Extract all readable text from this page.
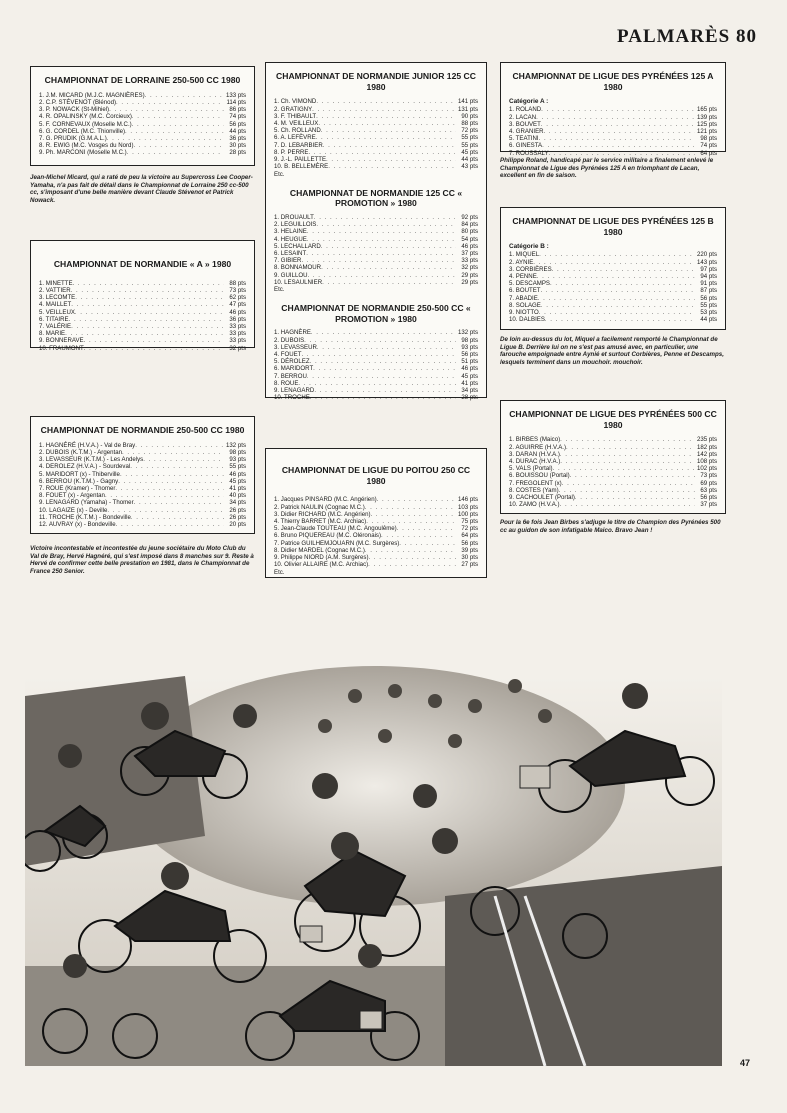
PALMARÈS 80
CHAMPIONNAT DE LORRAINE 250-500 CC 1980
1. J.M. MICARD (M.J.C. MAGNIÈRES) . . .	133 pts
2. C.P. STÉVENOT (Blénod) . . .	114 pts
3. P. NOWACK (St-Mihiel) . . .	86 pts
4. R. OPALINSKY (M.C. Corcieux) . . .	74 pts
5. F. CORNEVAUX (Moselle M.C.) . . .	56 pts
6. G. CORDEL (M.C. Thionville) . . .	44 pts
7. G. PRUDIK (G.M.A.L.) . . .	36 pts
8. R. EWIG (M.C. Vosges du Nord) . . .	30 pts
9. Ph. MARCONI (Moselle M.C.) . . .	28 pts
Jean-Michel Micard, qui a raté de peu la victoire au Supercross Lee Cooper-Yamaha, n'a pas fait de détail dans le Championnat de Lorraine 250 cc-500 cc, s'imposant d'une belle manière devant Claude Stévenot et Patrick Nowack.
CHAMPIONNAT DE NORMANDIE « A » 1980
1. MINETTE . . .	88 pts
2. VATTIER . . .	73 pts
3. LECOMTE . . .	62 pts
4. MAILLET . . .	47 pts
5. VEILLEUX . . .	46 pts
6. TITAIRE . . .	36 pts
7. VALÉRIE . . .	33 pts
8. MARIE . . .	33 pts
9. BONNERAVE . . .	33 pts
10. FRAUMONT . . .	32 pts
CHAMPIONNAT DE NORMANDIE 250-500 CC 1980
1. HAGNÉRÉ (H.V.A.) - Val de Bray . . .	132 pts
2. DUBOIS (K.T.M.) - Argentan . . .	98 pts
3. LEVASSEUR (K.T.M.) - Les Andelys . . .	93 pts
4. DEROLEZ (H.V.A.) - Sourdeval . . .	55 pts
5. MARIDORT (x) - Thiberville . . .	46 pts
6. BERROU (K.T.M.) - Gagny . . .	45 pts
7. ROUE (Kramer) - Thomer . . .	41 pts
8. FOUET (x) - Argentan . . .	40 pts
9. LENAGARD (Yamaha) - Thomer . . .	34 pts
10. LAGAIZE (x) - Deville . . .	26 pts
11. TROCHE (K.T.M.) - Bondeville . . .	26 pts
12. AUVRAY (x) - Bondeville . . .	20 pts
Victoire incontestable et incontestée du jeune sociétaire du Moto Club du Val de Bray, Hervé Hagnéré, qui s'est imposé dans 8 manches sur 9. Reste à Hervé de confirmer cette belle prestation en 1981, dans le Championnat de France 250 Senior.
CHAMPIONNAT DE NORMANDIE JUNIOR 125 CC 1980
1. Ch. VIMOND . . .	141 pts
2. GRATIGNY . . .	131 pts
3. F. THIBAULT . . .	90 pts
4. M. VEILLEUX . . .	88 pts
5. Ch. ROLLAND . . .	72 pts
6. A. LEFÈVRE . . .	55 pts
7. D. LEBARBIER . . .	55 pts
8. P. PERRE . . .	45 pts
9. J.-L. PAILLETTE . . .	44 pts
10. B. BELLEMÈRE . . .	43 pts
Etc.
CHAMPIONNAT DE NORMANDIE 125 CC « PROMOTION » 1980
1. DROUAULT . . .	92 pts
2. LEGUILLOIS . . .	84 pts
3. HELAINE . . .	80 pts
4. HEUGUE . . .	54 pts
5. LECHALLARD . . .	46 pts
6. LESAINT . . .	37 pts
7. GIBIER . . .	33 pts
8. BONNAMOUR . . .	32 pts
9. GUILLOU . . .	29 pts
10. LESAULNIER . . .	29 pts
Etc.
CHAMPIONNAT DE NORMANDIE 250-500 CC « PROMOTION » 1980
1. HAGNÈRE . . .	132 pts
2. DUBOIS . . .	98 pts
3. LEVASSEUR . . .	93 pts
4. FOUET . . .	56 pts
5. DÉROLEZ . . .	51 pts
6. MARIDORT . . .	46 pts
7. BERROU . . .	45 pts
8. ROUE . . .	41 pts
9. LENAGARD . . .	34 pts
10. TROCHE . . .	28 pts
CHAMPIONNAT DE LIGUE DU POITOU 250 CC 1980
1. Jacques PINSARD (M.C. Angérien) . . .	146 pts
2. Patrick NAULIN (Cognac M.C.) . . .	103 pts
3. Didier RICHARD (M.C. Angérien) . . .	100 pts
4. Thierry BARRET (M.C. Archiac) . . .	75 pts
5. Jean-Claude TOUTEAU (M.C. Angoulême) . . .	72 pts
6. Bruno PIQUEREAU (M.C. Oléronais) . . .	64 pts
7. Patrice GUILHEMJOUARN (M.C. Surgères) . . .	56 pts
8. Didier MARDEL (Cognac M.C.) . . .	39 pts
9. Philippe NIORD (A.M. Surgères) . . .	30 pts
10. Olivier ALLAIRE (M.C. Archiac) . . .	27 pts
Etc.
CHAMPIONNAT DE LIGUE DES PYRÉNÉES 125 A 1980
Catégorie A :
1. ROLAND . . .	165 pts
2. LACAN . . .	139 pts
3. BOUVET . . .	125 pts
4. GRANIER . . .	121 pts
5. TEATINI . . .	98 pts
6. GINESTA . . .	74 pts
7. ROUSSALY . . .	64 pts
Philippe Roland, handicapé par le service militaire a finalement enlevé le Championnat de Ligue des Pyrénées 125 A en triomphant de Lacan, excellent en fin de saison.
CHAMPIONNAT DE LIGUE DES PYRÉNÉES 125 B 1980
Catégorie B :
1. MIQUEL . . .	220 pts
2. AYNIE . . .	143 pts
3. CORBIÈRES . . .	97 pts
4. PENNE . . .	94 pts
5. DESCAMPS . . .	91 pts
6. BOUTET . . .	87 pts
7. ABADIE . . .	56 pts
8. SOLAGE . . .	55 pts
9. NIOTTO . . .	53 pts
10. DALBIES . . .	44 pts
De loin au-dessus du lot, Miquel a facilement remporté le Championnat de Ligue B. Derrière lui on ne s'est pas amusé avec, en particulier, une farouche empoignade entre Aynié et surtout Corbières, Penne et Descamps, lesquels terminent dans un mouchoir. mouchoir.
CHAMPIONNAT DE LIGUE DES PYRÉNÉES 500 CC 1980
1. BIRBES (Maico) . . .	235 pts
2. AGUIRRE (H.V.A.) . . .	182 pts
3. DARAN (H.V.A.) . . .	142 pts
4. DURAC (H.V.A.) . . .	108 pts
5. VALS (Portal) . . .	102 pts
6. BOUISSOU (Portal) . . .	73 pts
7. FREGOLENT (x) . . .	69 pts
8. COSTES (Yam) . . .	63 pts
9. CACHOULET (Portal) . . .	56 pts
10. ZAMO (H.V.A.) . . .	37 pts
Pour la 6e fois Jean Birbes s'adjuge le titre de Champion des Pyrénées 500 cc au guidon de son infatigable Maico. Bravo Jean !
47
